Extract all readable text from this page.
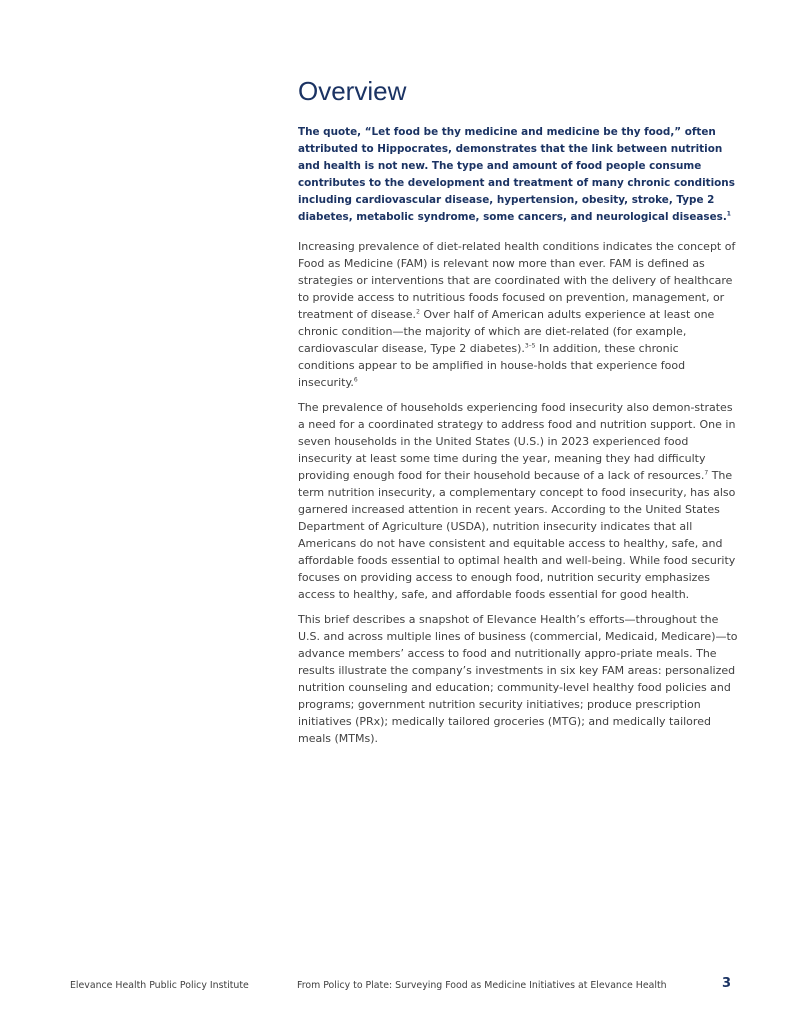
Overview

The quote, “Let food be thy medicine and medicine be thy food,” often attributed to Hippocrates, demonstrates that the link between nutrition and health is not new. The type and amount of food people consume contributes to the development and treatment of many chronic conditions including cardiovascular disease, hypertension, obesity, stroke, Type 2 diabetes, metabolic syndrome, some cancers, and neurological diseases.$^1$

Increasing prevalence of diet-related health conditions indicates the concept of Food as Medicine (FAM) is relevant now more than ever. FAM is defined as strategies or interventions that are coordinated with the delivery of healthcare to provide access to nutritious foods focused on prevention, management, or treatment of disease.$^2$ Over half of American adults experience at least one chronic condition—the majority of which are diet-related (for example, cardiovascular disease, Type 2 diabetes).$^{3-5}$ In addition, these chronic conditions appear to be amplified in house-holds that experience food insecurity.$^6$

The prevalence of households experiencing food insecurity also demon-strates a need for a coordinated strategy to address food and nutrition support. One in seven households in the United States (U.S.) in 2023 experienced food insecurity at least some time during the year, meaning they had difficulty providing enough food for their household because of a lack of resources.$^7$ The term nutrition insecurity, a complementary concept to food insecurity, has also garnered increased attention in recent years. According to the United States Department of Agriculture (USDA), nutrition insecurity indicates that all Americans do not have consistent and equitable access to healthy, safe, and affordable foods essential to optimal health and well-being. While food security focuses on providing access to enough food, nutrition security emphasizes access to healthy, safe, and affordable foods essential for good health.

This brief describes a snapshot of Elevance Health’s efforts—throughout the U.S. and across multiple lines of business (commercial, Medicaid, Medicare)—to advance members’ access to food and nutritionally appro-priate meals. The results illustrate the company’s investments in six key FAM areas: personalized nutrition counseling and education; community-level healthy food policies and programs; government nutrition security initiatives; produce prescription initiatives (PRx); medically tailored groceries (MTG); and medically tailored meals (MTMs).

Elevance Health Public Policy Institute	From Policy to Plate: Surveying Food as Medicine Initiatives at Elevance Health	3
